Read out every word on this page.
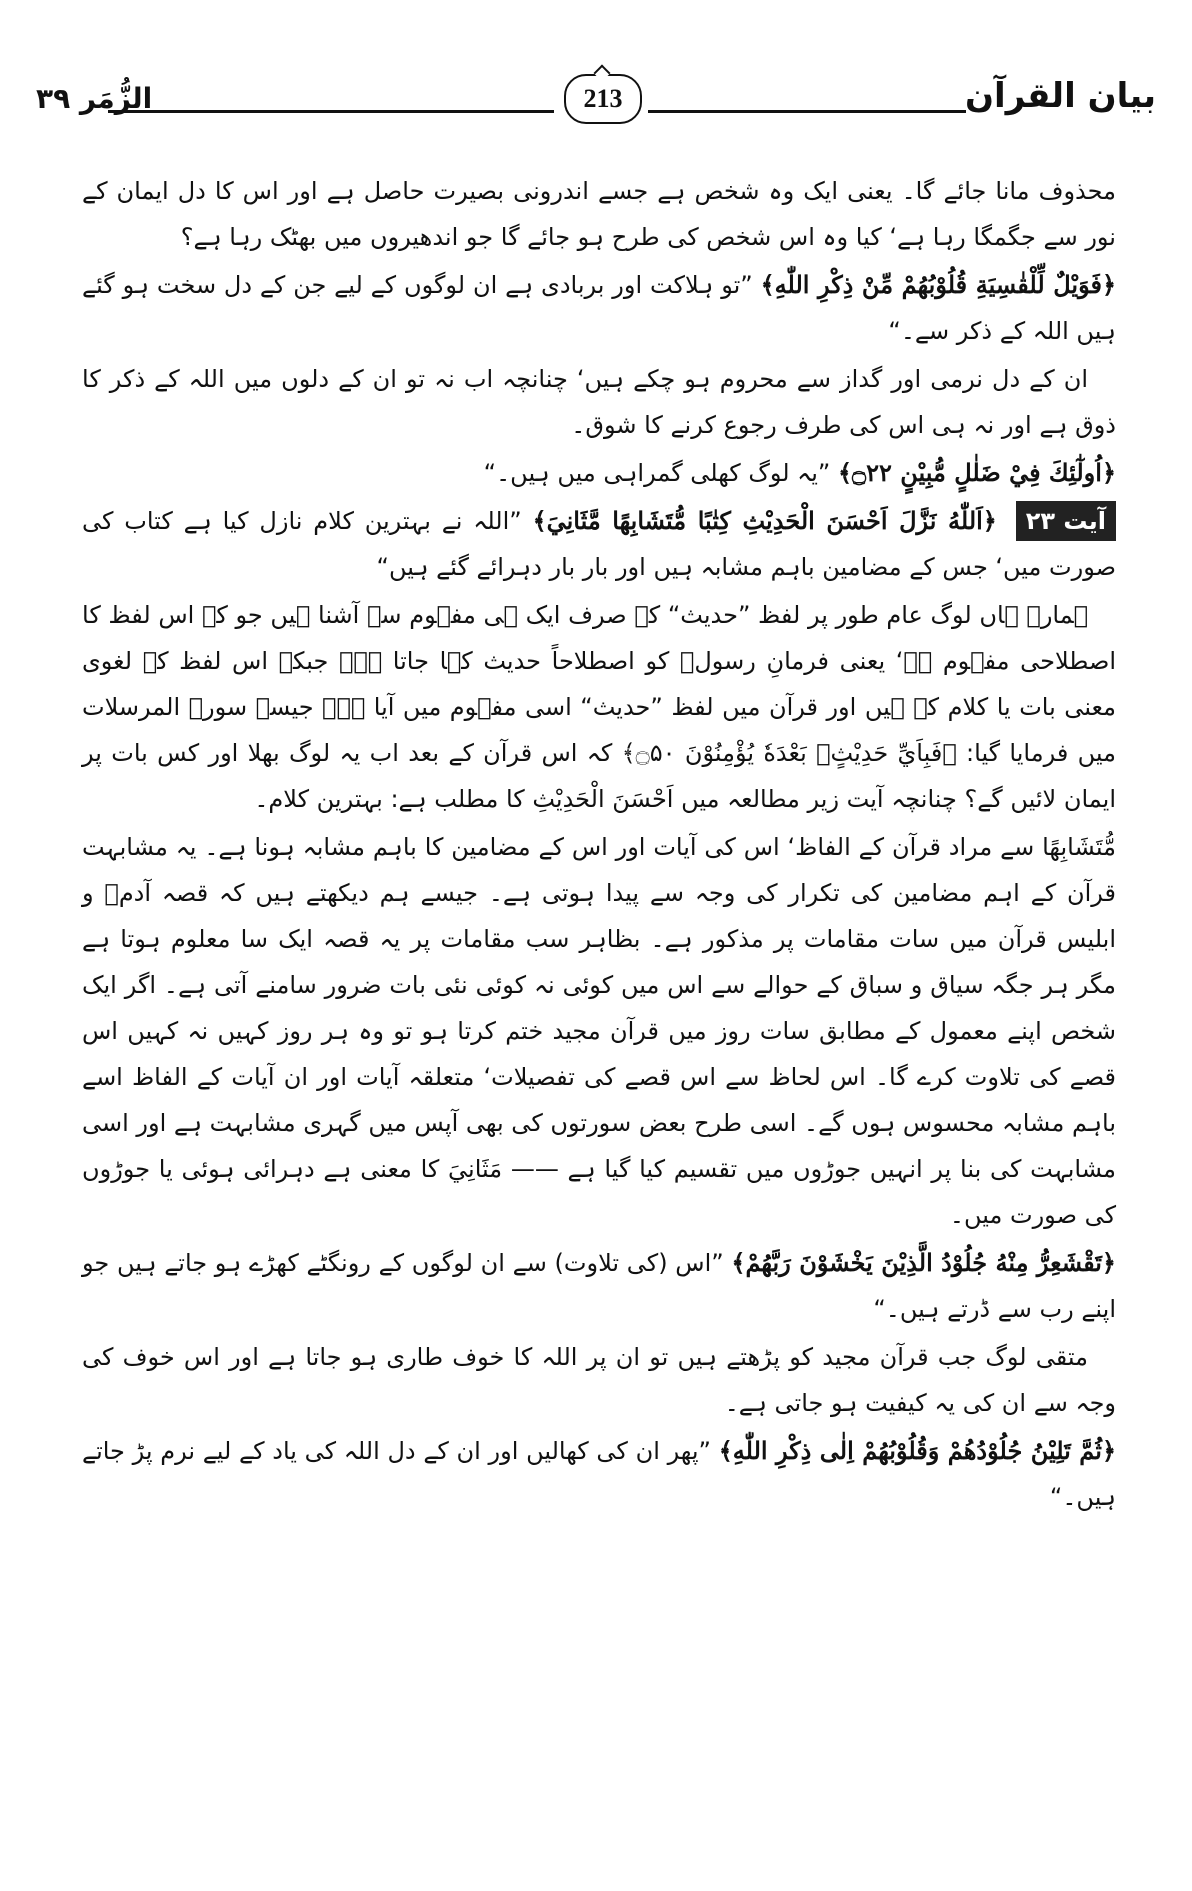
الزُّمَر ۳۹	213	بیان القرآن

محذوف مانا جائے گا۔ یعنی ایک وہ شخص ہے جسے اندرونی بصیرت حاصل ہے اور اس کا دل ایمان کے نور سے جگمگا رہا ہے‘ کیا وہ اس شخص کی طرح ہو جائے گا جو اندھیروں میں بھٹک رہا ہے؟

﴿فَوَيْلٌ لِّلْقٰسِيَةِ قُلُوْبُهُمْ مِّنْ ذِكْرِ اللّٰهِ﴾ ”تو ہلاکت اور بربادی ہے ان لوگوں کے لیے جن کے دل سخت ہو گئے ہیں اللہ کے ذکر سے۔“

ان کے دل نرمی اور گداز سے محروم ہو چکے ہیں‘ چنانچہ اب نہ تو ان کے دلوں میں اللہ کے ذکر کا ذوق ہے اور نہ ہی اس کی طرف رجوع کرنے کا شوق۔

﴿اُولٰٓئِكَ فِيْ ضَلٰلٍ مُّبِيْنٍ ۝۲۲﴾ ”یہ لوگ کھلی گمراہی میں ہیں۔“

آیت ۲۳ ﴿اَللّٰهُ نَزَّلَ اَحْسَنَ الْحَدِيْثِ كِتٰبًا مُّتَشَابِهًا مَّثَانِيَ﴾ ”اللہ نے بہترین کلام نازل کیا ہے کتاب کی صورت میں‘ جس کے مضامین باہم مشابہ ہیں اور بار بار دہرائے گئے ہیں“

ہمارے ہاں لوگ عام طور پر لفظ ”حدیث“ کے صرف ایک ہی مفہوم سے آشنا ہیں جو کہ اس لفظ کا اصطلاحی مفہوم ہے‘ یعنی فرمانِ رسولؐ کو اصطلاحاً حدیث کہا جاتا ہے۔ جبکہ اس لفظ کے لغوی معنی بات یا کلام کے ہیں اور قرآن میں لفظ ”حدیث“ اسی مفہوم میں آیا ہے۔ جیسے سورۃ المرسلات میں فرمایا گیا: ﴿فَبِاَيِّ حَدِيْثٍۢ بَعْدَهٗ يُؤْمِنُوْنَ ۝۵۰﴾ کہ اس قرآن کے بعد اب یہ لوگ بھلا اور کس بات پر ایمان لائیں گے؟ چنانچہ آیت زیر مطالعہ میں اَحْسَنَ الْحَدِيْثِ کا مطلب ہے: بہترین کلام۔

مُّتَشَابِهًا سے مراد قرآن کے الفاظ‘ اس کی آیات اور اس کے مضامین کا باہم مشابہ ہونا ہے۔ یہ مشابہت قرآن کے اہم مضامین کی تکرار کی وجہ سے پیدا ہوتی ہے۔ جیسے ہم دیکھتے ہیں کہ قصہ آدمؑ و ابلیس قرآن میں سات مقامات پر مذکور ہے۔ بظاہر سب مقامات پر یہ قصہ ایک سا معلوم ہوتا ہے مگر ہر جگہ سیاق و سباق کے حوالے سے اس میں کوئی نہ کوئی نئی بات ضرور سامنے آتی ہے۔ اگر ایک شخص اپنے معمول کے مطابق سات روز میں قرآن مجید ختم کرتا ہو تو وہ ہر روز کہیں نہ کہیں اس قصے کی تلاوت کرے گا۔ اس لحاظ سے اس قصے کی تفصیلات‘ متعلقہ آیات اور ان آیات کے الفاظ اسے باہم مشابہ محسوس ہوں گے۔ اسی طرح بعض سورتوں کی بھی آپس میں گہری مشابہت ہے اور اسی مشابہت کی بنا پر انہیں جوڑوں میں تقسیم کیا گیا ہے —— مَثَانِيَ کا معنی ہے دہرائی ہوئی یا جوڑوں کی صورت میں۔

﴿تَقْشَعِرُّ مِنْهُ جُلُوْدُ الَّذِيْنَ يَخْشَوْنَ رَبَّهُمْ﴾ ”اس (کی تلاوت) سے ان لوگوں کے رونگٹے کھڑے ہو جاتے ہیں جو اپنے رب سے ڈرتے ہیں۔“

متقی لوگ جب قرآن مجید کو پڑھتے ہیں تو ان پر اللہ کا خوف طاری ہو جاتا ہے اور اس خوف کی وجہ سے ان کی یہ کیفیت ہو جاتی ہے۔

﴿ثُمَّ تَلِيْنُ جُلُوْدُهُمْ وَقُلُوْبُهُمْ اِلٰى ذِكْرِ اللّٰهِ﴾ ”پھر ان کی کھالیں اور ان کے دل اللہ کی یاد کے لیے نرم پڑ جاتے ہیں۔“
